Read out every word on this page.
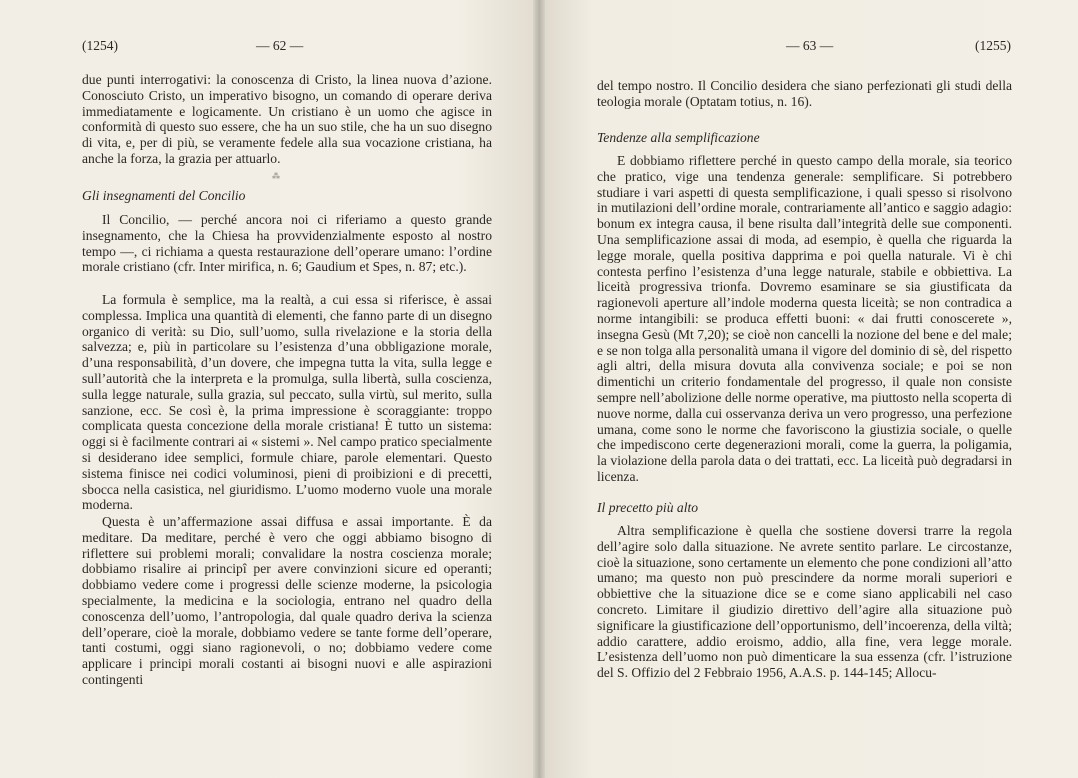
(1254)	— 62 —

due punti interrogativi: la conoscenza di Cristo, la linea nuova d’azione. Conosciuto Cristo, un imperativo bisogno, un comando di operare deriva immediatamente e logicamente. Un cristiano è un uomo che agisce in conformità di questo suo essere, che ha un suo stile, che ha un suo disegno di vita, e, per di più, se veramente fedele alla sua vocazione cristiana, ha anche la forza, la grazia per attuarlo.

⁂

Gli insegnamenti del Concilio

Il Concilio, — perché ancora noi ci riferiamo a questo grande insegnamento, che la Chiesa ha provvidenzialmente esposto al nostro tempo —, ci richiama a questa restaurazione dell’operare umano: l’ordine morale cristiano (cfr. Inter mirifica, n. 6; Gaudium et Spes, n. 87; etc.).

La formula è semplice, ma la realtà, a cui essa si riferisce, è assai complessa. Implica una quantità di elementi, che fanno parte di un disegno organico di verità: su Dio, sull’uomo, sulla rivelazione e la storia della salvezza; e, più in particolare su l’esistenza d’una obbligazione morale, d’una responsabilità, d’un dovere, che impegna tutta la vita, sulla legge e sull’autorità che la interpreta e la promulga, sulla libertà, sulla coscienza, sulla legge naturale, sulla grazia, sul peccato, sulla virtù, sul merito, sulla sanzione, ecc. Se così è, la prima impressione è scoraggiante: troppo complicata questa concezione della morale cristiana! È tutto un sistema: oggi si è facilmente contrari ai « sistemi ». Nel campo pratico specialmente si desiderano idee semplici, formule chiare, parole elementari. Questo sistema finisce nei codici voluminosi, pieni di proibizioni e di precetti, sbocca nella casistica, nel giuridismo. L’uomo moderno vuole una morale moderna.

Questa è un’affermazione assai diffusa e assai importante. È da meditare. Da meditare, perché è vero che oggi abbiamo bisogno di riflettere sui problemi morali; convalidare la nostra coscienza morale; dobbiamo risalire ai principî per avere convinzioni sicure ed operanti; dobbiamo vedere come i progressi delle scienze moderne, la psicologia specialmente, la medicina e la sociologia, entrano nel quadro della conoscenza dell’uomo, l’antropologia, dal quale quadro deriva la scienza dell’operare, cioè la morale, dobbiamo vedere se tante forme dell’operare, tanti costumi, oggi siano ragionevoli, o no; dobbiamo vedere come applicare i principi morali costanti ai bisogni nuovi e alle aspirazioni contingenti

— 63 —	(1255)

del tempo nostro. Il Concilio desidera che siano perfezionati gli studi della teologia morale (Optatam totius, n. 16).

Tendenze alla semplificazione

E dobbiamo riflettere perché in questo campo della morale, sia teorico che pratico, vige una tendenza generale: semplificare. Si potrebbero studiare i vari aspetti di questa semplificazione, i quali spesso si risolvono in mutilazioni dell’ordine morale, contrariamente all’antico e saggio adagio: bonum ex integra causa, il bene risulta dall’integrità delle sue componenti. Una semplificazione assai di moda, ad esempio, è quella che riguarda la legge morale, quella positiva dapprima e poi quella naturale. Vi è chi contesta perfino l’esistenza d’una legge naturale, stabile e obbiettiva. La liceità progressiva trionfa. Dovremo esaminare se sia giustificata da ragionevoli aperture all’indole moderna questa liceità; se non contradica a norme intangibili: se produca effetti buoni: « dai frutti conoscerete », insegna Gesù (Mt 7,20); se cioè non cancelli la nozione del bene e del male; e se non tolga alla personalità umana il vigore del dominio di sè, del rispetto agli altri, della misura dovuta alla convivenza sociale; e poi se non dimentichi un criterio fondamentale del progresso, il quale non consiste sempre nell’abolizione delle norme operative, ma piuttosto nella scoperta di nuove norme, dalla cui osservanza deriva un vero progresso, una perfezione umana, come sono le norme che favoriscono la giustizia sociale, o quelle che impediscono certe degenerazioni morali, come la guerra, la poligamia, la violazione della parola data o dei trattati, ecc. La liceità può degradarsi in licenza.

Il precetto più alto

Altra semplificazione è quella che sostiene doversi trarre la regola dell’agire solo dalla situazione. Ne avrete sentito parlare. Le circostanze, cioè la situazione, sono certamente un elemento che pone condizioni all’atto umano; ma questo non può prescindere da norme morali superiori e obbiettive che la situazione dice se e come siano applicabili nel caso concreto. Limitare il giudizio direttivo dell’agire alla situazione può significare la giustificazione dell’opportunismo, dell’incoerenza, della viltà; addio carattere, addio eroismo, addio, alla fine, vera legge morale. L’esistenza dell’uomo non può dimenticare la sua essenza (cfr. l’istruzione del S. Offizio del 2 Febbraio 1956, A.A.S. p. 144-145; Allocu-
